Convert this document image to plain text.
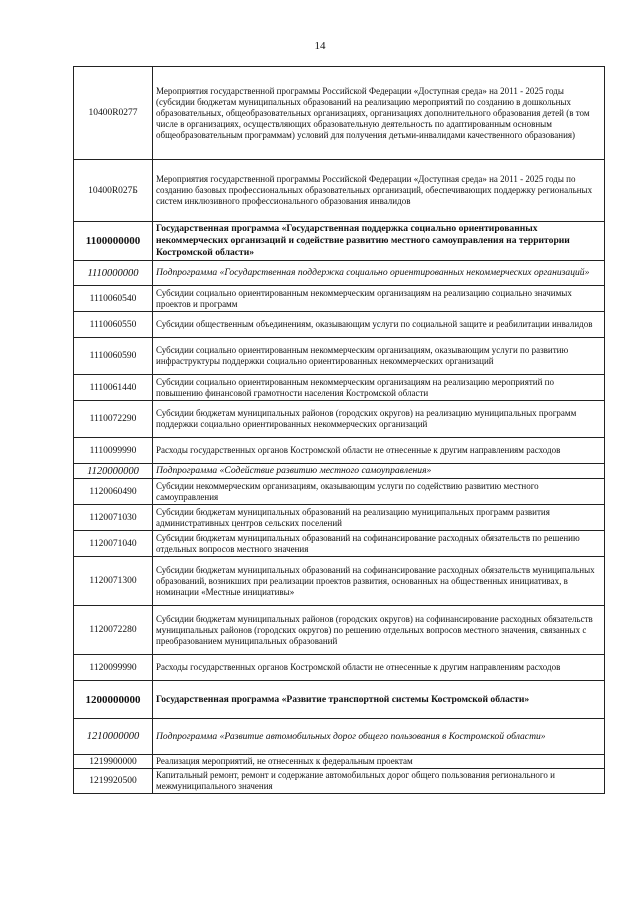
14
10400R0277	Мероприятия государственной программы Российской Федерации «Доступная среда» на 2011 - 2025 годы (субсидии бюджетам муниципальных образований на реализацию мероприятий по созданию в дошкольных образовательных, общеобразовательных организациях, организациях дополнительного образования детей (в том числе в организациях, осуществляющих образовательную деятельность по адаптированным основным общеобразовательным программам) условий для получения детьми-инвалидами качественного образования)
10400R027Б	Мероприятия государственной программы Российской Федерации «Доступная среда» на 2011 - 2025 годы по созданию базовых профессиональных образовательных организаций, обеспечивающих поддержку региональных систем инклюзивного профессионального образования инвалидов
1100000000	Государственная программа «Государственная поддержка социально ориентированных некоммерческих организаций и содействие развитию местного самоуправления на территории Костромской области»
1110000000	Подпрограмма «Государственная поддержка социально ориентированных некоммерческих организаций»
1110060540	Субсидии социально ориентированным некоммерческим организациям на реализацию социально значимых проектов и программ
1110060550	Субсидии общественным объединениям, оказывающим услуги по социальной защите и реабилитации инвалидов
1110060590	Субсидии социально ориентированным некоммерческим организациям, оказывающим услуги по развитию инфраструктуры поддержки социально ориентированных некоммерческих организаций
1110061440	Субсидии социально ориентированным некоммерческим организациям на реализацию мероприятий по повышению финансовой грамотности населения Костромской области
1110072290	Субсидии бюджетам муниципальных районов (городских округов) на реализацию муниципальных программ поддержки социально ориентированных некоммерческих организаций
1110099990	Расходы государственных органов Костромской области не отнесенные к другим направлениям расходов
1120000000	Подпрограмма «Содействие развитию местного самоуправления»
1120060490	Субсидии некоммерческим организациям, оказывающим услуги по содействию развитию местного самоуправления
1120071030	Субсидии бюджетам муниципальных образований на реализацию муниципальных программ развития административных центров сельских поселений
1120071040	Субсидии бюджетам муниципальных образований на софинансирование расходных обязательств по решению отдельных вопросов местного значения
1120071300	Субсидии бюджетам муниципальных образований на софинансирование расходных обязательств муниципальных образований, возникших при реализации проектов развития, основанных на общественных инициативах, в номинации «Местные инициативы»
1120072280	Субсидии бюджетам муниципальных районов (городских округов) на софинансирование расходных обязательств муниципальных районов (городских округов) по решению отдельных вопросов местного значения, связанных с преобразованием муниципальных образований
1120099990	Расходы государственных органов Костромской области не отнесенные к другим направлениям расходов
1200000000	Государственная программа «Развитие транспортной системы Костромской области»
1210000000	Подпрограмма «Развитие автомобильных дорог общего пользования в Костромской области»
1219900000	Реализация мероприятий, не отнесенных к федеральным проектам
1219920500	Капитальный ремонт, ремонт и содержание автомобильных дорог общего пользования регионального и межмуниципального значения
